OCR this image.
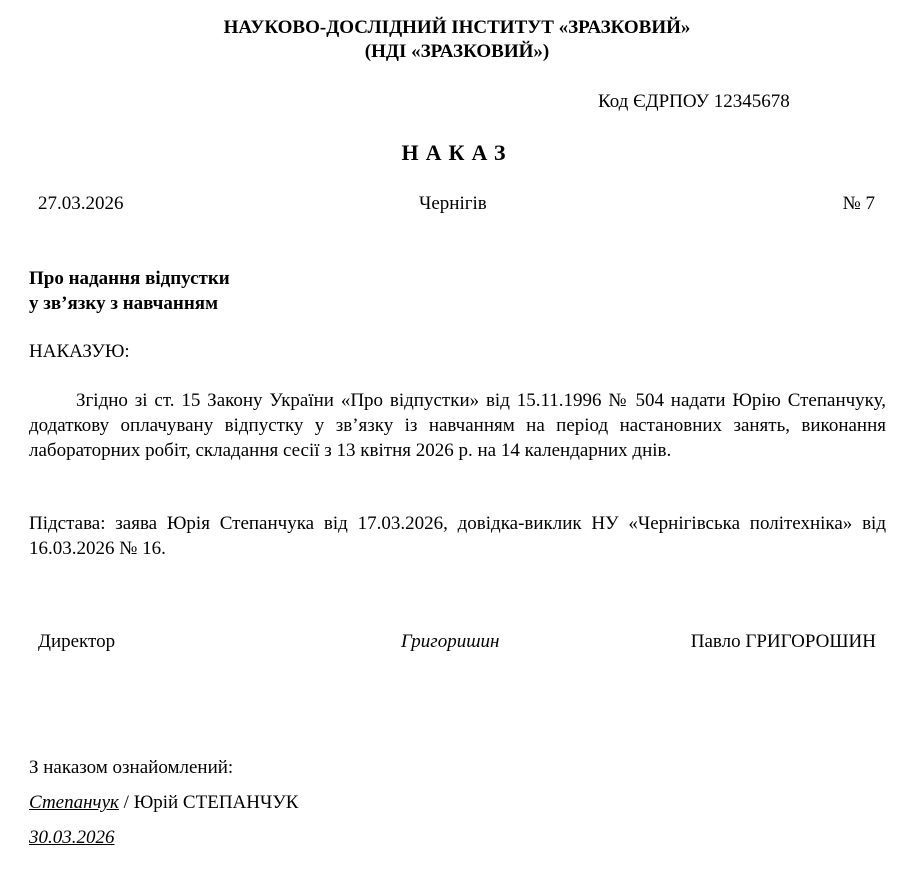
НАУКОВО-ДОСЛІДНИЙ ІНСТИТУТ «ЗРАЗКОВИЙ»
(НДІ «ЗРАЗКОВИЙ»)
Код ЄДРПОУ 12345678
НАКАЗ
27.03.2026	Чернігів	№ 7
Про надання відпустки
у зв’язку з навчанням
НАКАЗУЮ:
Згідно зі ст. 15 Закону України «Про відпустки» від 15.11.1996 № 504 надати Юрію Степанчуку, додаткову оплачувану відпустку у зв’язку із навчанням на період настановних занять, виконання лабораторних робіт, складання сесії з 13 квітня 2026 р. на 14 календарних днів.
Підстава: заява Юрія Степанчука від 17.03.2026, довідка-виклик НУ «Чернігівська політехніка» від 16.03.2026 № 16.
Директор	Григоришин	Павло ГРИГОРОШИН
З наказом ознайомлений:
Степанчук / Юрій СТЕПАНЧУК
30.03.2026
